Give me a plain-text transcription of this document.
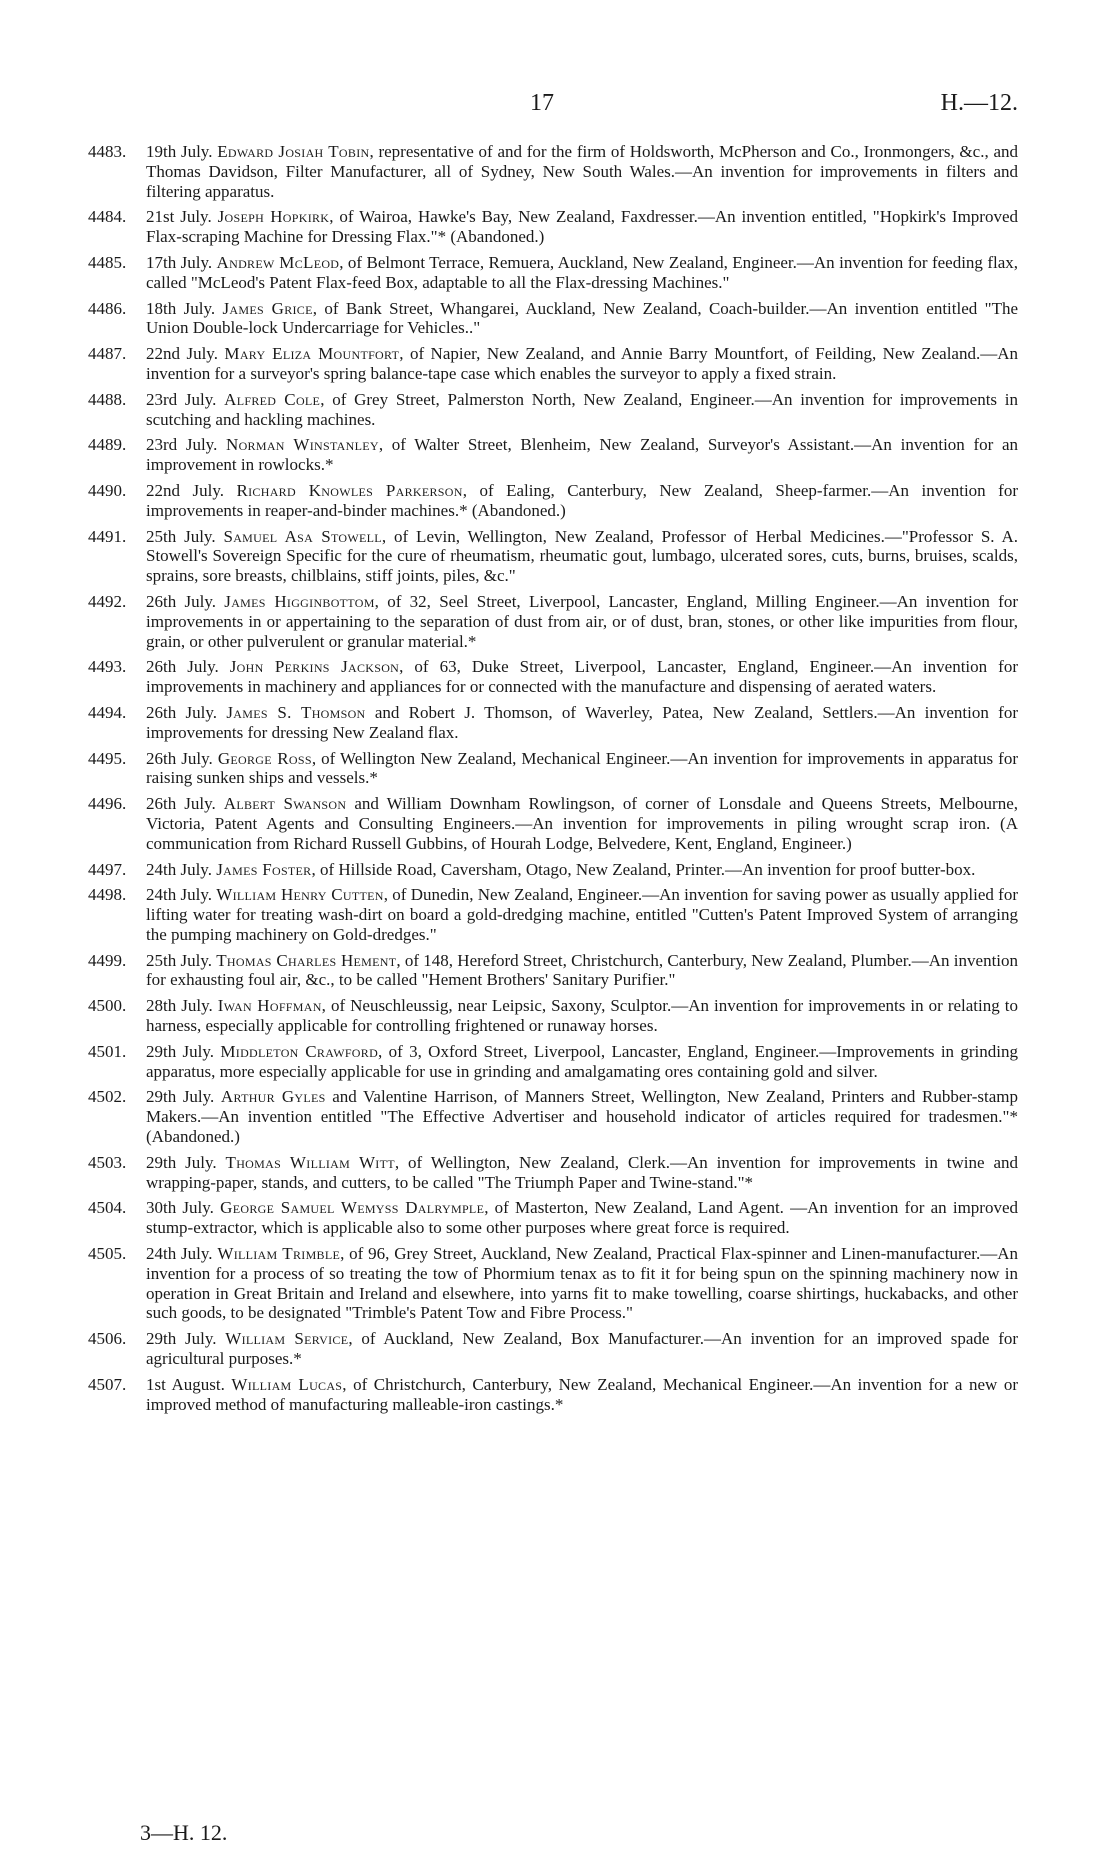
17	H.—12.
4483. 19th July. Edward Josiah Tobin, representative of and for the firm of Holdsworth, McPherson and Co., Ironmongers, &c., and Thomas Davidson, Filter Manufacturer, all of Sydney, New South Wales.—An invention for improvements in filters and filtering apparatus.
4484. 21st July. Joseph Hopkirk, of Wairoa, Hawke's Bay, New Zealand, Faxdresser.—An invention entitled, "Hopkirk's Improved Flax-scraping Machine for Dressing Flax."* (Abandoned.)
4485. 17th July. Andrew McLeod, of Belmont Terrace, Remuera, Auckland, New Zealand, Engineer.—An invention for feeding flax, called "McLeod's Patent Flax-feed Box, adaptable to all the Flax-dressing Machines."
4486. 18th July. James Grice, of Bank Street, Whangarei, Auckland, New Zealand, Coach-builder.—An invention entitled "The Union Double-lock Undercarriage for Vehicles.."
4487. 22nd July. Mary Eliza Mountfort, of Napier, New Zealand, and Annie Barry Mountfort, of Feilding, New Zealand.—An invention for a surveyor's spring balance-tape case which enables the surveyor to apply a fixed strain.
4488. 23rd July. Alfred Cole, of Grey Street, Palmerston North, New Zealand, Engineer.—An invention for improvements in scutching and hackling machines.
4489. 23rd July. Norman Winstanley, of Walter Street, Blenheim, New Zealand, Surveyor's Assistant.—An invention for an improvement in rowlocks.*
4490. 22nd July. Richard Knowles Parkerson, of Ealing, Canterbury, New Zealand, Sheep-farmer.—An invention for improvements in reaper-and-binder machines.* (Abandoned.)
4491. 25th July. Samuel Asa Stowell, of Levin, Wellington, New Zealand, Professor of Herbal Medicines.—"Professor S. A. Stowell's Sovereign Specific for the cure of rheumatism, rheumatic gout, lumbago, ulcerated sores, cuts, burns, bruises, scalds, sprains, sore breasts, chilblains, stiff joints, piles, &c."
4492. 26th July. James Higginbottom, of 32, Seel Street, Liverpool, Lancaster, England, Milling Engineer.—An invention for improvements in or appertaining to the separation of dust from air, or of dust, bran, stones, or other like impurities from flour, grain, or other pulverulent or granular material.*
4493. 26th July. John Perkins Jackson, of 63, Duke Street, Liverpool, Lancaster, England, Engineer.—An invention for improvements in machinery and appliances for or connected with the manufacture and dispensing of aerated waters.
4494. 26th July. James S. Thomson and Robert J. Thomson, of Waverley, Patea, New Zealand, Settlers.—An invention for improvements for dressing New Zealand flax.
4495. 26th July. George Ross, of Wellington New Zealand, Mechanical Engineer.—An invention for improvements in apparatus for raising sunken ships and vessels.*
4496. 26th July. Albert Swanson and William Downham Rowlingson, of corner of Lonsdale and Queens Streets, Melbourne, Victoria, Patent Agents and Consulting Engineers.—An invention for improvements in piling wrought scrap iron. (A communication from Richard Russell Gubbins, of Hourah Lodge, Belvedere, Kent, England, Engineer.)
4497. 24th July. James Foster, of Hillside Road, Caversham, Otago, New Zealand, Printer.—An invention for proof butter-box.
4498. 24th July. William Henry Cutten, of Dunedin, New Zealand, Engineer.—An invention for saving power as usually applied for lifting water for treating wash-dirt on board a gold-dredging machine, entitled "Cutten's Patent Improved System of arranging the pumping machinery on Gold-dredges."
4499. 25th July. Thomas Charles Hement, of 148, Hereford Street, Christchurch, Canterbury, New Zealand, Plumber.—An invention for exhausting foul air, &c., to be called "Hement Brothers' Sanitary Purifier."
4500. 28th July. Iwan Hoffman, of Neuschleussig, near Leipsic, Saxony, Sculptor.—An invention for improvements in or relating to harness, especially applicable for controlling frightened or runaway horses.
4501. 29th July. Middleton Crawford, of 3, Oxford Street, Liverpool, Lancaster, England, Engineer.—Improvements in grinding apparatus, more especially applicable for use in grinding and amalgamating ores containing gold and silver.
4502. 29th July. Arthur Gyles and Valentine Harrison, of Manners Street, Wellington, New Zealand, Printers and Rubber-stamp Makers.—An invention entitled "The Effective Advertiser and household indicator of articles required for tradesmen."* (Abandoned.)
4503. 29th July. Thomas William Witt, of Wellington, New Zealand, Clerk.—An invention for improvements in twine and wrapping-paper, stands, and cutters, to be called "The Triumph Paper and Twine-stand."*
4504. 30th July. George Samuel Wemyss Dalrymple, of Masterton, New Zealand, Land Agent. —An invention for an improved stump-extractor, which is applicable also to some other purposes where great force is required.
4505. 24th July. William Trimble, of 96, Grey Street, Auckland, New Zealand, Practical Flax-spinner and Linen-manufacturer.—An invention for a process of so treating the tow of Phormium tenax as to fit it for being spun on the spinning machinery now in operation in Great Britain and Ireland and elsewhere, into yarns fit to make towelling, coarse shirtings, huckabacks, and other such goods, to be designated "Trimble's Patent Tow and Fibre Process."
4506. 29th July. William Service, of Auckland, New Zealand, Box Manufacturer.—An invention for an improved spade for agricultural purposes.*
4507. 1st August. William Lucas, of Christchurch, Canterbury, New Zealand, Mechanical Engineer.—An invention for a new or improved method of manufacturing malleable-iron castings.*
3—H. 12.
